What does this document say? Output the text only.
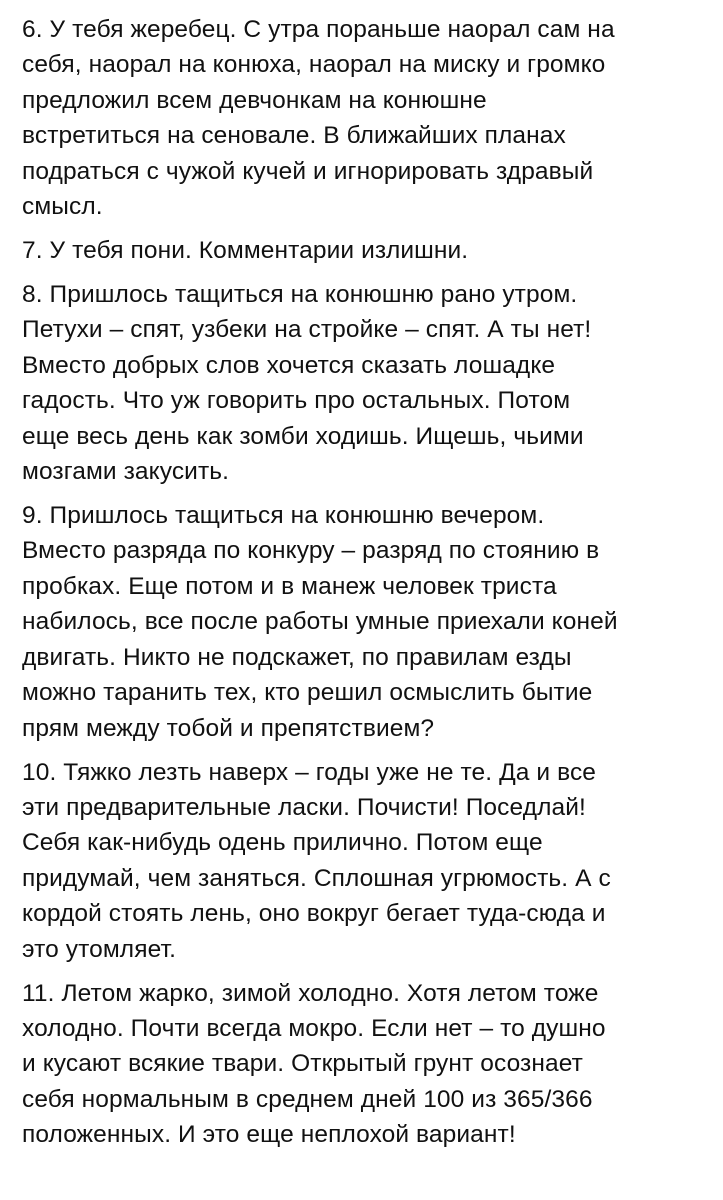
6. У тебя жеребец. С утра пораньше наорал сам на
себя, наорал на конюха, наорал на миску и громко
предложил всем девчонкам на конюшне
встретиться на сеновале. В ближайших планах
подраться с чужой кучей и игнорировать здравый
смысл.

7. У тебя пони. Комментарии излишни.

8. Пришлось тащиться на конюшню рано утром.
Петухи – спят, узбеки на стройке – спят. А ты нет!
Вместо добрых слов хочется сказать лошадке
гадость. Что уж говорить про остальных. Потом
еще весь день как зомби ходишь. Ищешь, чьими
мозгами закусить.

9. Пришлось тащиться на конюшню вечером.
Вместо разряда по конкуру – разряд по стоянию в
пробках. Еще потом и в манеж человек триста
набилось, все после работы умные приехали коней
двигать. Никто не подскажет, по правилам езды
можно таранить тех, кто решил осмыслить бытие
прям между тобой и препятствием?

10. Тяжко лезть наверх – годы уже не те. Да и все
эти предварительные ласки. Почисти! Поседлай!
Себя как-нибудь одень прилично. Потом еще
придумай, чем заняться. Сплошная угрюмость. А с
кордой стоять лень, оно вокруг бегает туда-сюда и
это утомляет.

11. Летом жарко, зимой холодно. Хотя летом тоже
холодно. Почти всегда мокро. Если нет – то душно
и кусают всякие твари. Открытый грунт осознает
себя нормальным в среднем дней 100 из 365/366
положенных. И это еще неплохой вариант!
